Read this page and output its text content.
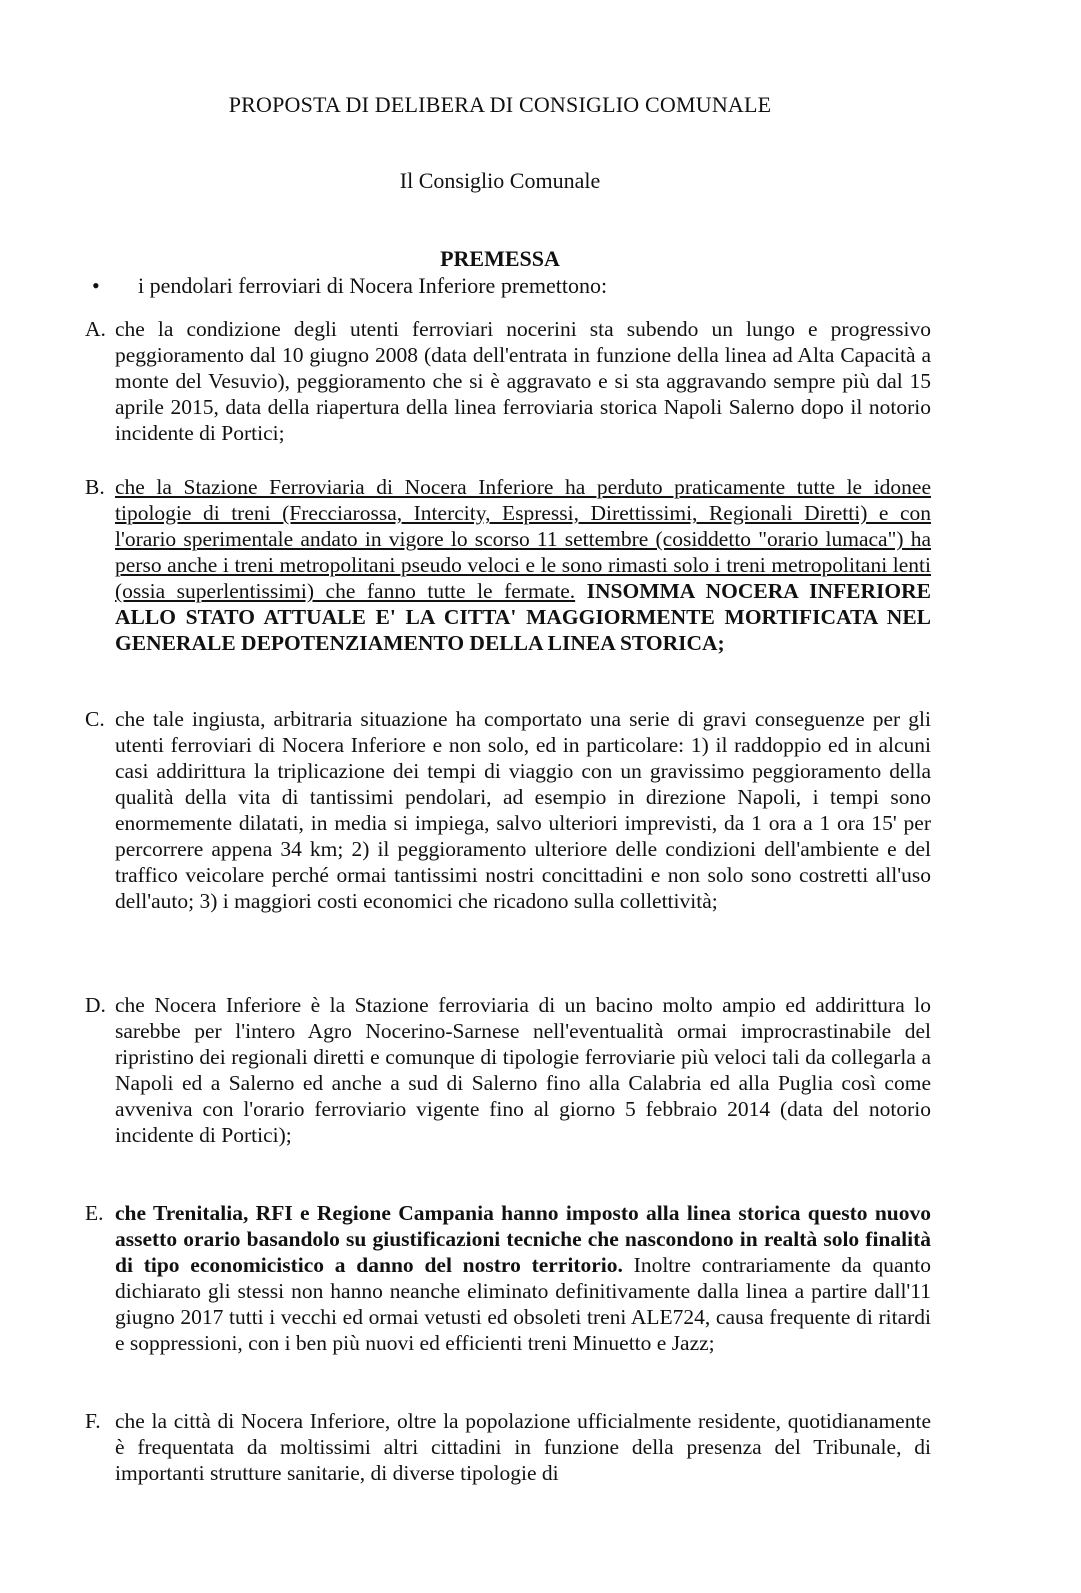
PROPOSTA DI DELIBERA DI CONSIGLIO COMUNALE
Il Consiglio Comunale
PREMESSA
• i pendolari ferroviari di Nocera Inferiore premettono:
A. che la condizione degli utenti ferroviari nocerini sta subendo un lungo e progressivo peggioramento dal 10 giugno 2008 (data dell'entrata in funzione della linea ad Alta Capacità a monte del Vesuvio), peggioramento che si è aggravato e si sta aggravando sempre più dal 15 aprile 2015, data della riapertura della linea ferroviaria storica Napoli Salerno dopo il notorio incidente di Portici;
B. che la Stazione Ferroviaria di Nocera Inferiore ha perduto praticamente tutte le idonee tipologie di treni (Frecciarossa, Intercity, Espressi, Direttissimi, Regionali Diretti) e con l'orario sperimentale andato in vigore lo scorso 11 settembre (cosiddetto "orario lumaca") ha perso anche i treni metropolitani pseudo veloci e le sono rimasti solo i treni metropolitani lenti (ossia superlentissimi) che fanno tutte le fermate. INSOMMA NOCERA INFERIORE ALLO STATO ATTUALE E' LA CITTA' MAGGIORMENTE MORTIFICATA NEL GENERALE DEPOTENZIAMENTO DELLA LINEA STORICA;
C. che tale ingiusta, arbitraria situazione ha comportato una serie di gravi conseguenze per gli utenti ferroviari di Nocera Inferiore e non solo, ed in particolare: 1) il raddoppio ed in alcuni casi addirittura la triplicazione dei tempi di viaggio con un gravissimo peggioramento della qualità della vita di tantissimi pendolari, ad esempio in direzione Napoli, i tempi sono enormemente dilatati, in media si impiega, salvo ulteriori imprevisti, da 1 ora a 1 ora 15' per percorrere appena 34 km; 2) il peggioramento ulteriore delle condizioni dell'ambiente e del traffico veicolare perché ormai tantissimi nostri concittadini e non solo sono costretti all'uso dell'auto; 3) i maggiori costi economici che ricadono sulla collettività;
D. che Nocera Inferiore è la Stazione ferroviaria di un bacino molto ampio ed addirittura lo sarebbe per l'intero Agro Nocerino-Sarnese nell'eventualità ormai improcrastinabile del ripristino dei regionali diretti e comunque di tipologie ferroviarie più veloci tali da collegarla a Napoli ed a Salerno ed anche a sud di Salerno fino alla Calabria ed alla Puglia così come avveniva con l'orario ferroviario vigente fino al giorno 5 febbraio 2014 (data del notorio incidente di Portici);
E. che Trenitalia, RFI e Regione Campania hanno imposto alla linea storica questo nuovo assetto orario basandolo su giustificazioni tecniche che nascondono in realtà solo finalità di tipo economicistico a danno del nostro territorio. Inoltre contrariamente da quanto dichiarato gli stessi non hanno neanche eliminato definitivamente dalla linea a partire dall'11 giugno 2017 tutti i vecchi ed ormai vetusti ed obsoleti treni ALE724, causa frequente di ritardi e soppressioni, con i ben più nuovi ed efficienti treni Minuetto e Jazz;
F. che la città di Nocera Inferiore, oltre la popolazione ufficialmente residente, quotidianamente è frequentata da moltissimi altri cittadini in funzione della presenza del Tribunale, di importanti strutture sanitarie, di diverse tipologie di
